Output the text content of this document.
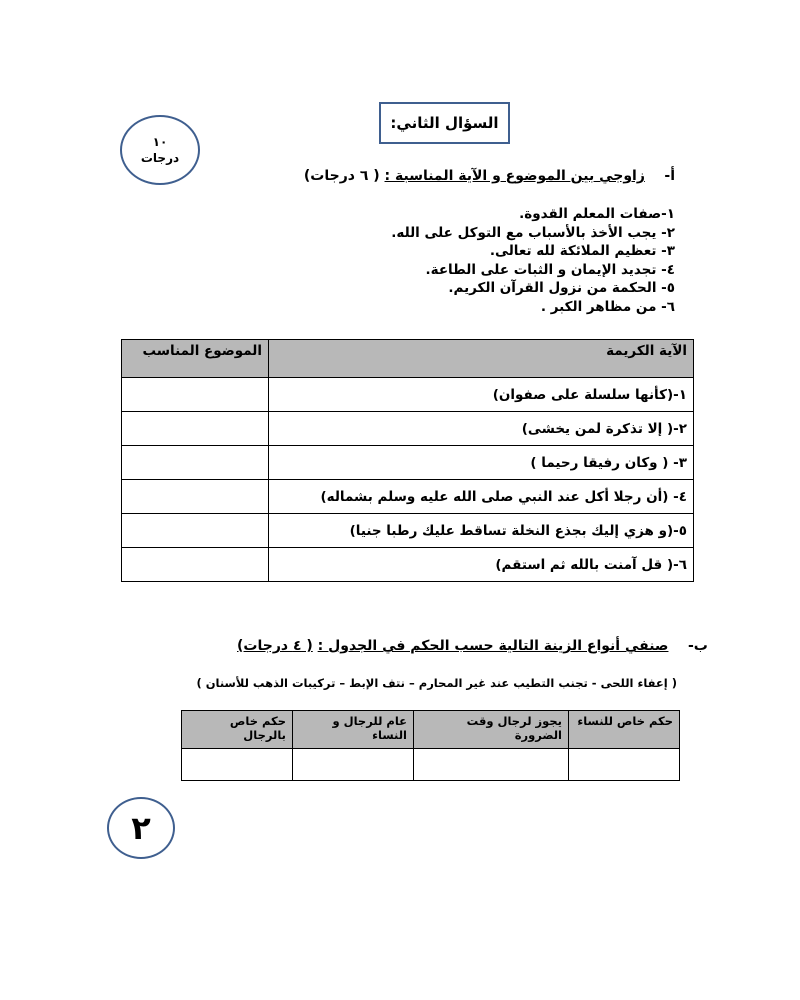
السؤال الثاني:
١٠
درجات
أ-    زاوجي بين الموضوع و الآية المناسبة : ( ٦ درجات)
١-صفات المعلم القدوة.
٢- يجب الأخذ بالأسباب مع التوكل على الله.
٣- تعظيم الملائكة لله تعالى.
٤- تجديد الإيمان و الثبات على الطاعة.
٥- الحكمة من نزول القرآن الكريم.
٦- من مظاهر الكبر .
الآية الكريمة	الموضوع المناسب
١-(كأنها سلسلة على صفوان)	
٢-( إلا تذكرة لمن يخشى)	
٣- ( وكان رفيقا رحيما )	
٤- (أن رجلا أكل عند النبي صلى الله عليه وسلم بشماله)	
٥-(و هزي إليك بجذع النخلة تساقط عليك رطبا جنيا)	
٦-( قل آمنت بالله ثم استقم)	
ب-    صنفي أنواع الزينة التالية حسب الحكم في الجدول : ( ٤ درجات)
( إعفاء اللحى - تجنب التطيب عند غير المحارم – نتف الإبط – تركيبات الذهب للأسنان )
حكم خاص للنساء	يجوز لرجال وقت الضرورة	عام للرجال و النساء	حكم خاص بالرجال

٢
